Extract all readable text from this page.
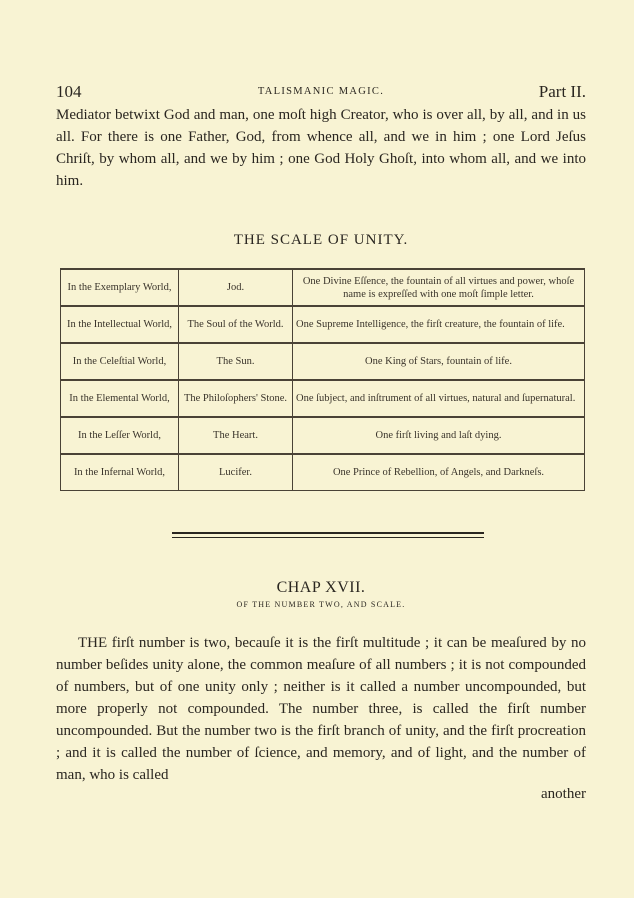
104	TALISMANIC MAGIC.	Part II.

Mediator betwixt God and man, one moſt high Creator, who is over all, by all, and in us all. For there is one Father, God, from whence all, and we in him ; one Lord Jeſus Chriſt, by whom all, and we by him ; one God Holy Ghoſt, into whom all, and we into him.

THE SCALE OF UNITY.
In the Exemplary World,	Jod.	One Divine Eſſence, the fountain of all virtues and power, whoſe name is expreſſed with one moſt ſimple letter.
In the Intellectual World,	The Soul of the World.	One Supreme Intelligence, the firſt creature, the fountain of life.
In the Celeſtial World,	The Sun.	One King of Stars, fountain of life.
In the Elemental World,	The Philoſophers' Stone.	One ſubject, and inſtrument of all virtues, natural and ſupernatural.
In the Leſſer World,	The Heart.	One firſt living and laſt dying.
In the Infernal World,	Lucifer.	One Prince of Rebellion, of Angels, and Darkneſs.
CHAP XVII.
OF THE NUMBER TWO, AND SCALE.

THE firſt number is two, becauſe it is the firſt multitude ; it can be meaſured by no number beſides unity alone, the common meaſure of all numbers ; it is not compounded of numbers, but of one unity only ; neither is it called a number uncompounded, but more properly not compounded. The number three, is called the firſt number uncompounded. But the number two is the firſt branch of unity, and the firſt procreation ; and it is called the number of ſcience, and memory, and of light, and the number of man, who is called

another
